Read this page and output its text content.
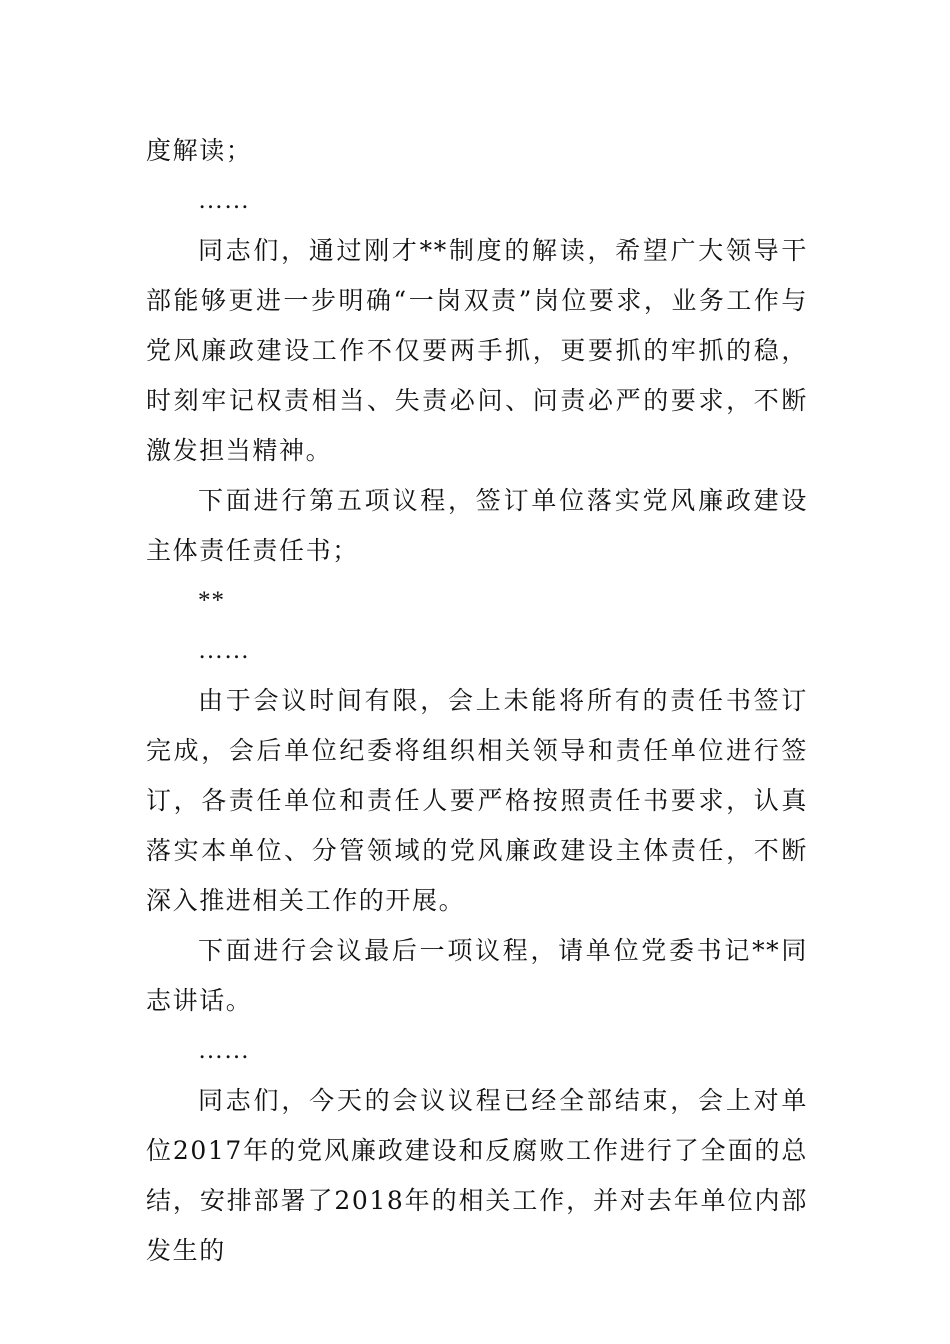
度解读；

……

同志们，通过刚才**制度的解读，希望广大领导干部能够更进一步明确“一岗双责”岗位要求，业务工作与党风廉政建设工作不仅要两手抓，更要抓的牢抓的稳，时刻牢记权责相当、失责必问、问责必严的要求，不断激发担当精神。

下面进行第五项议程，签订单位落实党风廉政建设主体责任责任书；

**

……

由于会议时间有限，会上未能将所有的责任书签订完成，会后单位纪委将组织相关领导和责任单位进行签订，各责任单位和责任人要严格按照责任书要求，认真落实本单位、分管领域的党风廉政建设主体责任，不断深入推进相关工作的开展。

下面进行会议最后一项议程，请单位党委书记**同志讲话。

……

同志们，今天的会议议程已经全部结束，会上对单位2017年的党风廉政建设和反腐败工作进行了全面的总结，安排部署了2018年的相关工作，并对去年单位内部发生的
